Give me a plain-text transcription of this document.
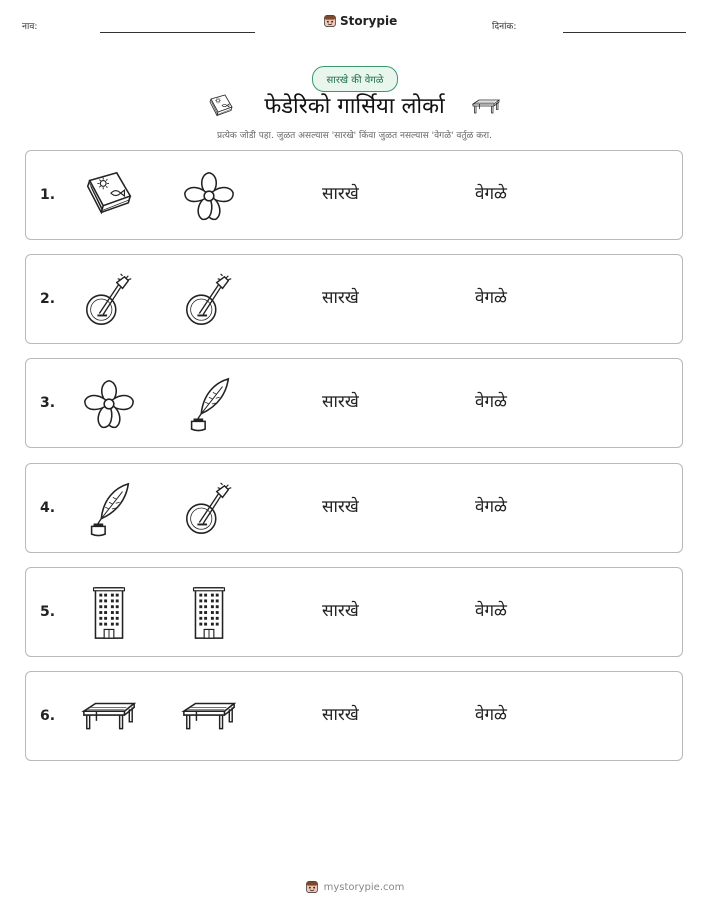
नाव:	Storypie	दिनांक:
सारखे की वेगळे
फेडेरिको गार्सिया लोर्का
प्रत्येक जोडी पहा. जुळत असल्यास 'सारखे' किंवा जुळत नसल्यास 'वेगळे' वर्तुळ करा.
1.	सारखे	वेगळे
2.	सारखे	वेगळे
3.	सारखे	वेगळे
4.	सारखे	वेगळे
5.	सारखे	वेगळे
6.	सारखे	वेगळे
mystorypie.com
